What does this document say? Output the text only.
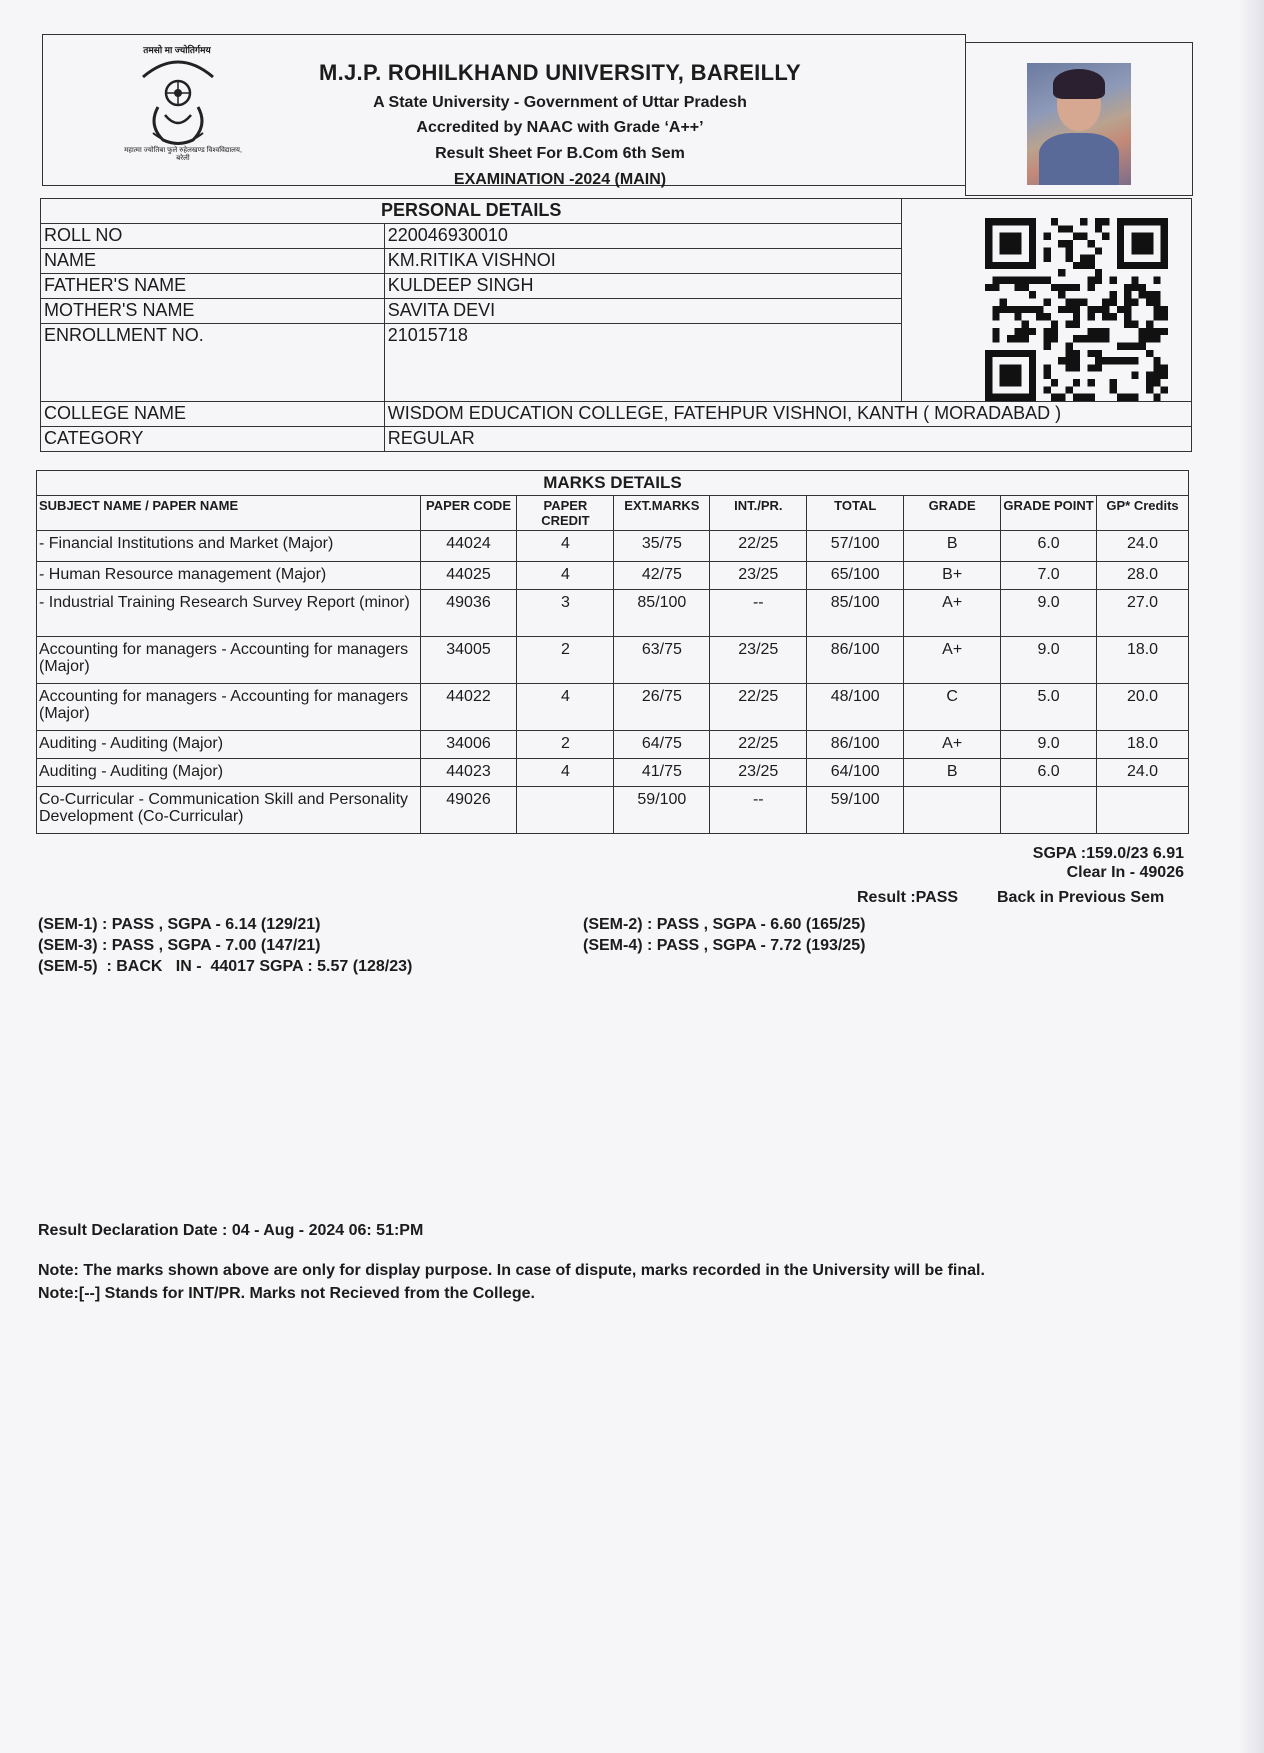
महात्मा ज्योतिबा फुले रुहेलखण्ड विश्वविद्यालय, बरेली
तमसो मा ज्योतिर्गमय
M.J.P. ROHILKHAND UNIVERSITY, BAREILLY
A State University - Government of Uttar Pradesh
Accredited by NAAC with Grade ‘A++’
Result Sheet For B.Com 6th Sem
EXAMINATION -2024 (MAIN)
PERSONAL DETAILS		
ROLL NO	220046930010	
NAME	KM.RITIKA VISHNOI	
FATHER'S NAME	KULDEEP SINGH	
MOTHER'S NAME	SAVITA DEVI	
ENROLLMENT NO.	21015718	
COLLEGE NAME	WISDOM EDUCATION COLLEGE, FATEHPUR VISHNOI, KANTH ( MORADABAD )	
CATEGORY	REGULAR	
MARKS DETAILS
SUBJECT NAME / PAPER NAME	PAPER CODE	PAPER CREDIT	EXT.MARKS	INT./PR.	TOTAL	GRADE	GRADE POINT	GP* Credits
- Financial Institutions and Market (Major)	44024	4	35/75	22/25	57/100	B	6.0	24.0
- Human Resource management (Major)	44025	4	42/75	23/25	65/100	B+	7.0	28.0
- Industrial Training Research Survey Report (minor)	49036	3	85/100	--	85/100	A+	9.0	27.0
Accounting for managers - Accounting for managers (Major)	34005	2	63/75	23/25	86/100	A+	9.0	18.0
Accounting for managers - Accounting for managers (Major)	44022	4	26/75	22/25	48/100	C	5.0	20.0
Auditing - Auditing (Major)	34006	2	64/75	22/25	86/100	A+	9.0	18.0
Auditing - Auditing (Major)	44023	4	41/75	23/25	64/100	B	6.0	24.0
Co-Curricular - Communication Skill and Personality Development (Co-Curricular)	49026		59/100	--	59/100			
SGPA :159.0/23 6.91
Clear In - 49026
Result :PASS Back in Previous Sem
(SEM-1) : PASS , SGPA - 6.14 (129/21)	(SEM-2) : PASS , SGPA - 6.60 (165/25)
(SEM-3) : PASS , SGPA - 7.00 (147/21)	(SEM-4) : PASS , SGPA - 7.72 (193/25)
(SEM-5)  : BACK   IN -  44017 SGPA : 5.57 (128/23)
Result Declaration Date : 04 - Aug - 2024 06: 51:PM
Note: The marks shown above are only for display purpose. In case of dispute, marks recorded in the University will be final.
Note:[--] Stands for INT/PR. Marks not Recieved from the College.
